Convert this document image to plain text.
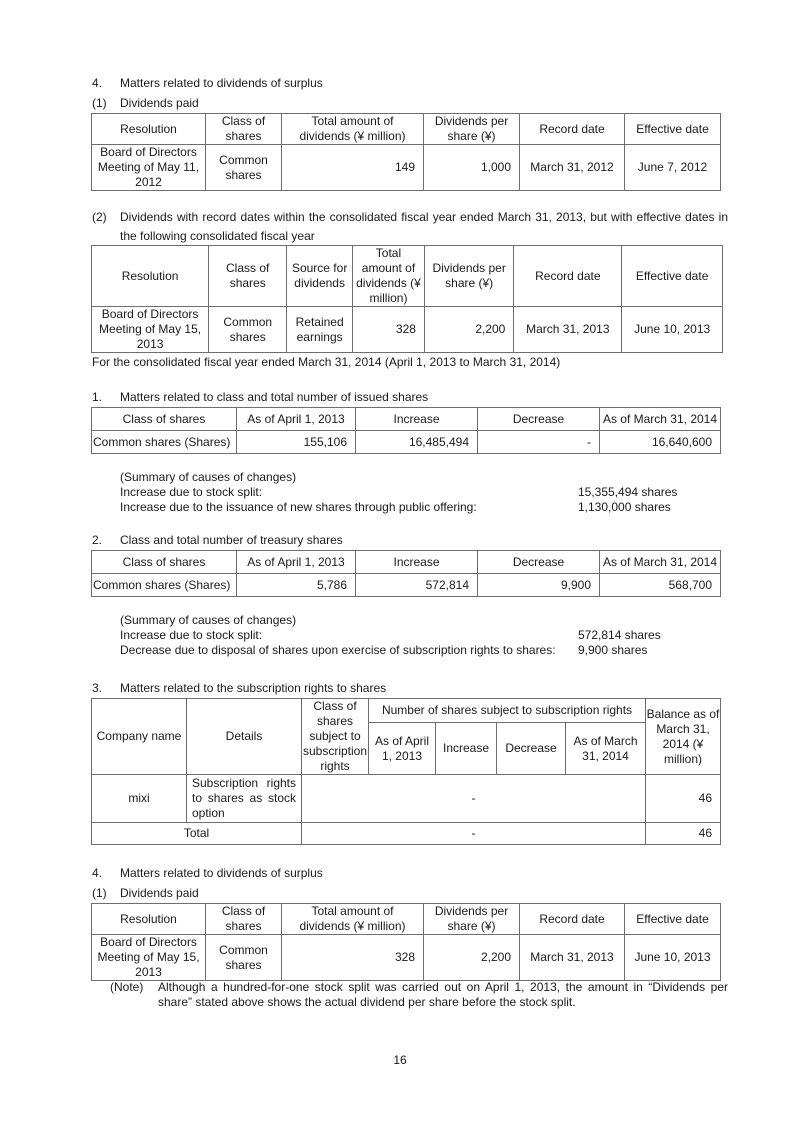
4. Matters related to dividends of surplus
(1) Dividends paid
Resolution	Class of shares	Total amount of dividends (¥ million)	Dividends per share (¥)	Record date	Effective date
Board of Directors Meeting of May 11, 2012	Common shares	149	1,000	March 31, 2012	June 7, 2012
(2)	Dividends with record dates within the consolidated fiscal year ended March 31, 2013, but with effective dates in the following consolidated fiscal year
Resolution	Class of shares	Source for dividends	Total amount of dividends (¥ million)	Dividends per share (¥)	Record date	Effective date
Board of Directors Meeting of May 15, 2013	Common shares	Retained earnings	328	2,200	March 31, 2013	June 10, 2013
For the consolidated fiscal year ended March 31, 2014 (April 1, 2013 to March 31, 2014)
1. Matters related to class and total number of issued shares
Class of shares	As of April 1, 2013	Increase	Decrease	As of March 31, 2014
Common shares (Shares)	155,106	16,485,494	-	16,640,600
(Summary of causes of changes)
Increase due to stock split:	15,355,494 shares
Increase due to the issuance of new shares through public offering:	1,130,000 shares
2. Class and total number of treasury shares
Class of shares	As of April 1, 2013	Increase	Decrease	As of March 31, 2014
Common shares (Shares)	5,786	572,814	9,900	568,700
(Summary of causes of changes)
Increase due to stock split:	572,814 shares
Decrease due to disposal of shares upon exercise of subscription rights to shares: 9,900 shares
3. Matters related to the subscription rights to shares
Company name	Details	Class of shares subject to subscription rights	Number of shares subject to subscription rights				Balance as of March 31, 2014 (¥ million)
			As of April 1, 2013	Increase	Decrease	As of March 31, 2014	
mixi	Subscription rights to shares as stock option	-					46
Total		-					46
4. Matters related to dividends of surplus
(1) Dividends paid
Resolution	Class of shares	Total amount of dividends (¥ million)	Dividends per share (¥)	Record date	Effective date
Board of Directors Meeting of May 15, 2013	Common shares	328	2,200	March 31, 2013	June 10, 2013
(Note) Although a hundred-for-one stock split was carried out on April 1, 2013, the amount in “Dividends per share” stated above shows the actual dividend per share before the stock split.
16
